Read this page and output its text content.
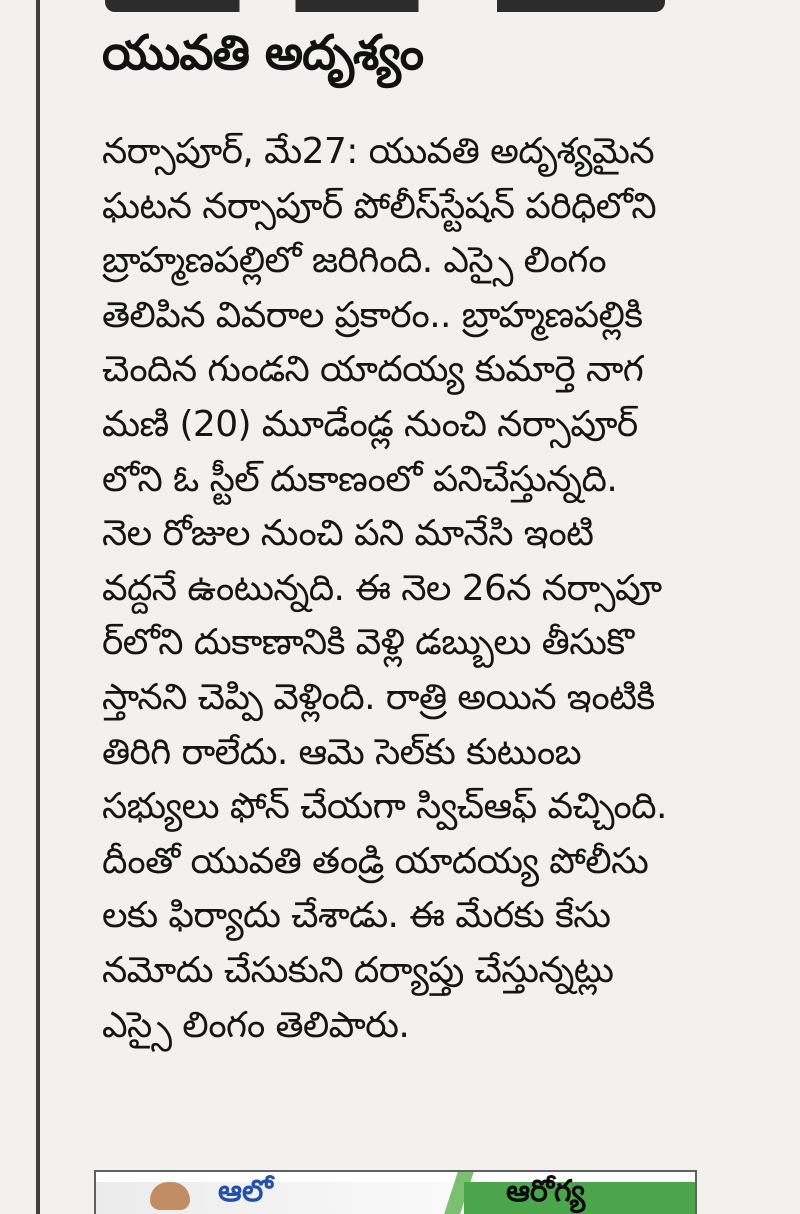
యువతి అదృశ్యం
నర్సాపూర్, మే27: యువతి అదృశ్యమైన
ఘటన నర్సాపూర్ పోలీస్‌స్టేషన్ పరిధిలోని
బ్రాహ్మణపల్లిలో జరిగింది. ఎస్సై లింగం
తెలిపిన వివరాల ప్రకారం.. బ్రాహ్మణపల్లికి
చెందిన గుండని యాదయ్య కుమార్తె నాగ
మణి (20) మూడేండ్ల నుంచి నర్సాపూర్
లోని ఓ స్టీల్ దుకాణంలో పనిచేస్తున్నది.
నెల రోజుల నుంచి పని మానేసి ఇంటి
వద్దనే ఉంటున్నది. ఈ నెల 26న నర్సాపూ
ర్‌లోని దుకాణానికి వెళ్లి డబ్బులు తీసుకొ
స్తానని చెప్పి వెళ్లింది. రాత్రి అయిన ఇంటికి
తిరిగి రాలేదు. ఆమె సెల్‌కు కుటుంబ
సభ్యులు ఫోన్ చేయగా స్విచ్‌ఆఫ్ వచ్చింది.
దీంతో యువతి తండ్రి యాదయ్య పోలీసు
లకు ఫిర్యాదు చేశాడు. ఈ మేరకు కేసు
నమోదు చేసుకుని దర్యాప్తు చేస్తున్నట్లు
ఎస్సై లింగం తెలిపారు.
ఆలో	ఆరోగ్య
